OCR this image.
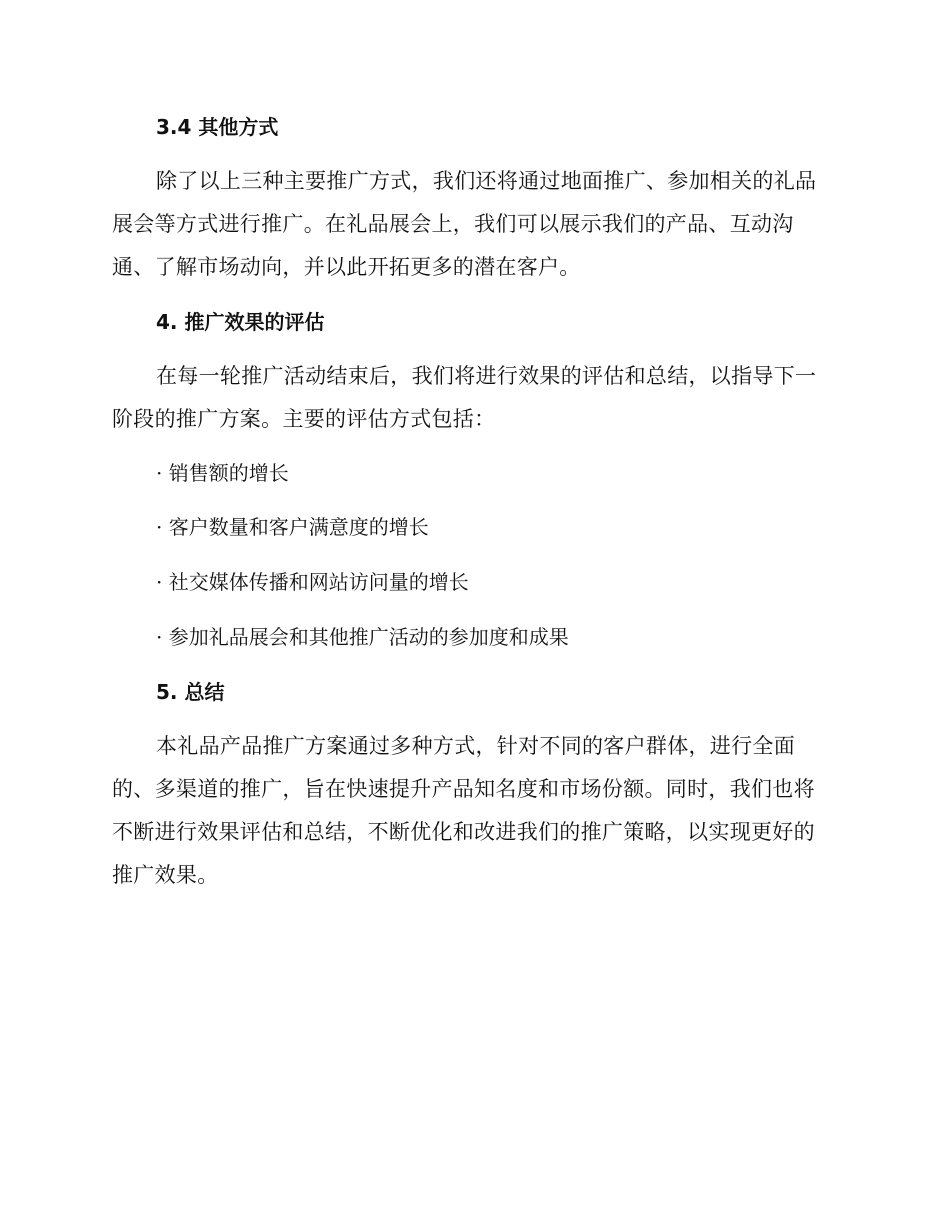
3.4 其他方式
除了以上三种主要推广方式，我们还将通过地面推广、参加相关的礼品展会等方式进行推广。在礼品展会上，我们可以展示我们的产品、互动沟通、了解市场动向，并以此开拓更多的潜在客户。
4. 推广效果的评估
在每一轮推广活动结束后，我们将进行效果的评估和总结，以指导下一阶段的推广方案。主要的评估方式包括：
· 销售额的增长
· 客户数量和客户满意度的增长
· 社交媒体传播和网站访问量的增长
· 参加礼品展会和其他推广活动的参加度和成果
5. 总结
本礼品产品推广方案通过多种方式，针对不同的客户群体，进行全面的、多渠道的推广，旨在快速提升产品知名度和市场份额。同时，我们也将不断进行效果评估和总结，不断优化和改进我们的推广策略，以实现更好的推广效果。
